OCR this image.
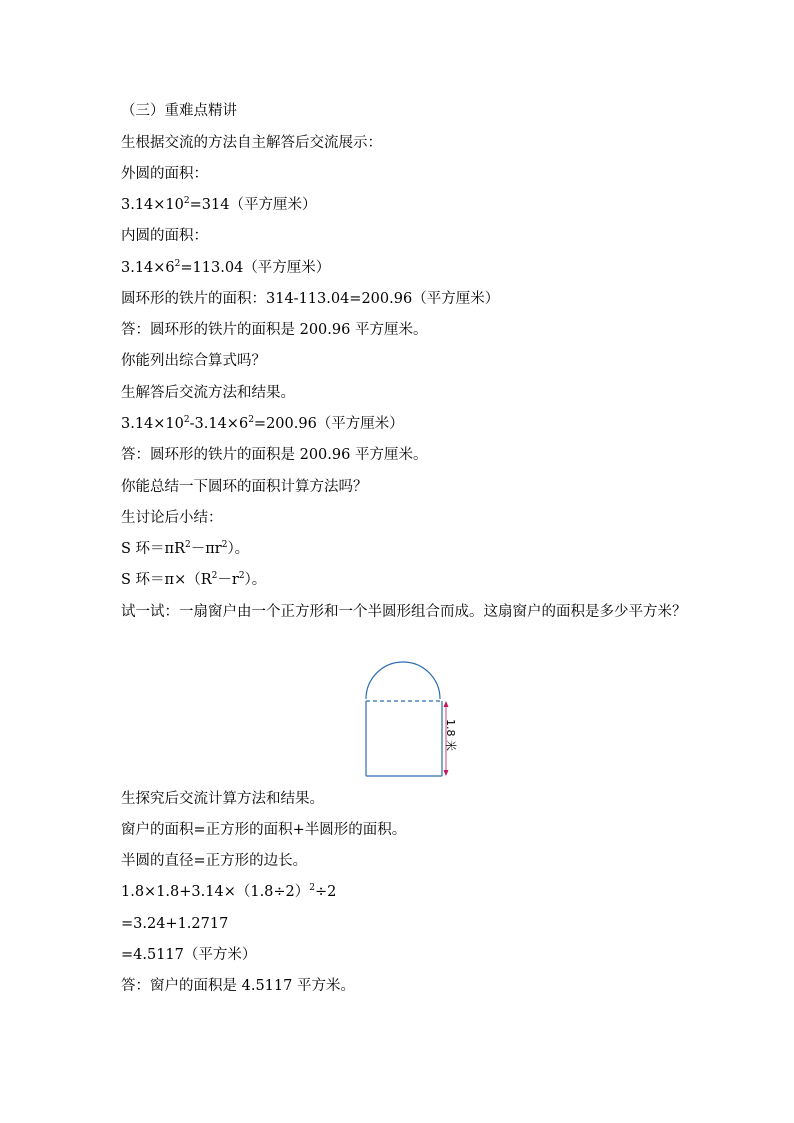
（三）重难点精讲
生根据交流的方法自主解答后交流展示：
外圆的面积：
$3.14\times 10^2=314$（平方厘米）
内圆的面积：
$3.14\times 6^2=113.04$（平方厘米）
圆环形的铁片的面积：314-113.04=200.96（平方厘米）
答：圆环形的铁片的面积是 200.96 平方厘米。
你能列出综合算式吗？
生解答后交流方法和结果。
$3.14\times 10^2-3.14\times 6^2=200.96$（平方厘米）
答：圆环形的铁片的面积是 200.96 平方厘米。
你能总结一下圆环的面积计算方法吗？
生讨论后小结：
S 环$=\pi R^2-\pi r^2$）。
S 环$=\pi\times(R^2-r^2)$。
试一试：一扇窗户由一个正方形和一个半圆形组合而成。这扇窗户的面积是多少平方米？
1.8 米
生探究后交流计算方法和结果。
窗户的面积=正方形的面积+半圆形的面积。
半圆的直径=正方形的边长。
$1.8\times 1.8+3.14\times(1.8\div 2)^2\div 2$
=3.24+1.2717
=4.5117（平方米）
答：窗户的面积是 4.5117 平方米。
